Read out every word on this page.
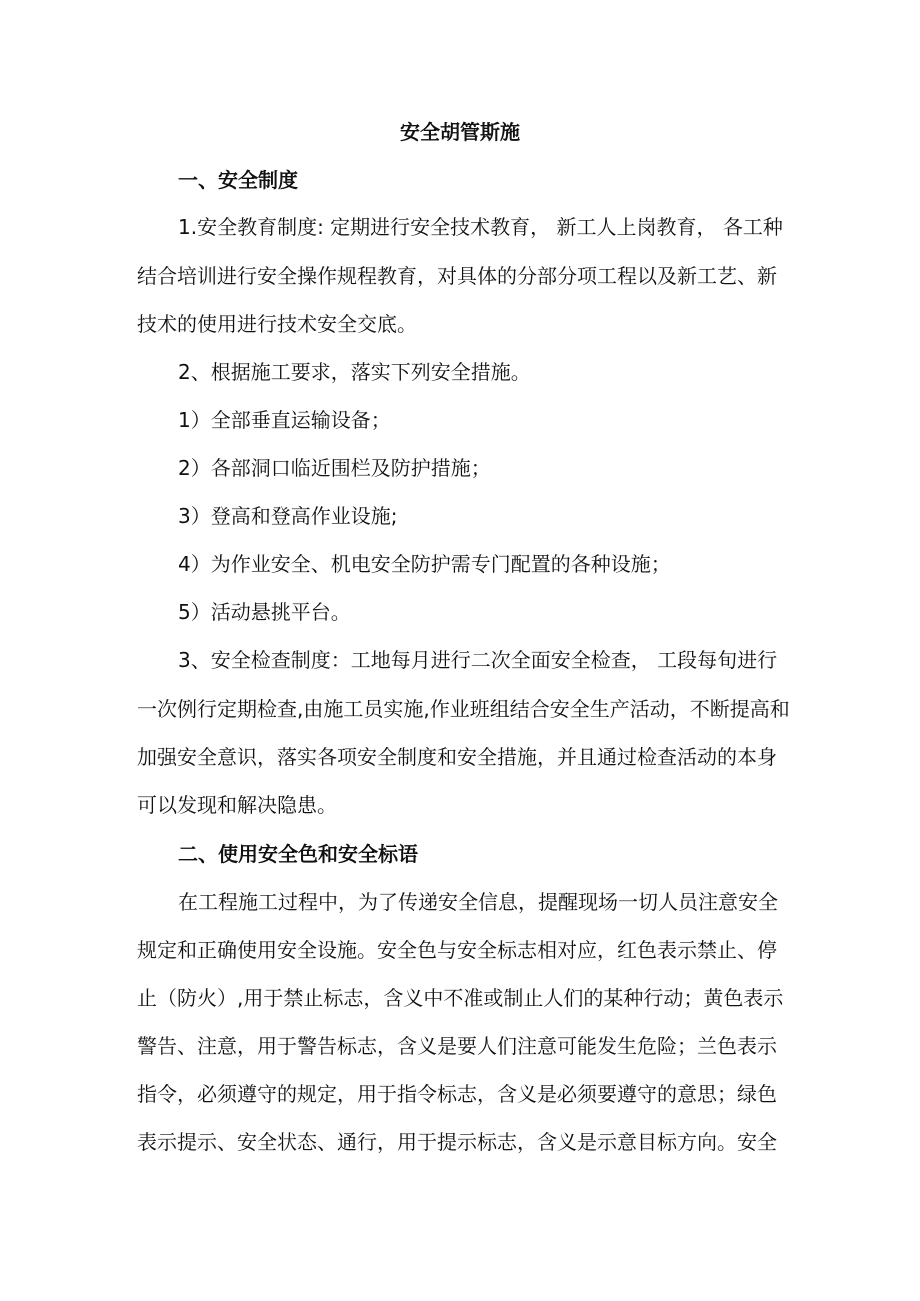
安全胡管斯施

一、安全制度

1.安全教育制度: 定期进行安全技术教育， 新工人上岗教育， 各工种

结合培训进行安全操作规程教育，对具体的分部分项工程以及新工艺、新

技术的使用进行技术安全交底。

2、根据施工要求，落实下列安全措施。

1）全部垂直运输设备；

2）各部洞口临近围栏及防护措施；

3）登高和登高作业设施;

4）为作业安全、机电安全防护需专门配置的各种设施；

5）活动悬挑平台。

3、安全检查制度：工地每月进行二次全面安全检查， 工段每旬进行

一次例行定期检查,由施工员实施,作业班组结合安全生产活动，不断提高和

加强安全意识，落实各项安全制度和安全措施，并且通过检查活动的本身

可以发现和解决隐患。

二、使用安全色和安全标语

在工程施工过程中，为了传递安全信息，提醒现场一切人员注意安全

规定和正确使用安全设施。安全色与安全标志相对应，红色表示禁止、停

止（防火）,用于禁止标志，含义中不准或制止人们的某种行动；黄色表示

警告、注意，用于警告标志，含义是要人们注意可能发生危险；兰色表示

指令，必须遵守的规定，用于指令标志，含义是必须要遵守的意思；绿色

表示提示、安全状态、通行，用于提示标志，含义是示意目标方向。安全
